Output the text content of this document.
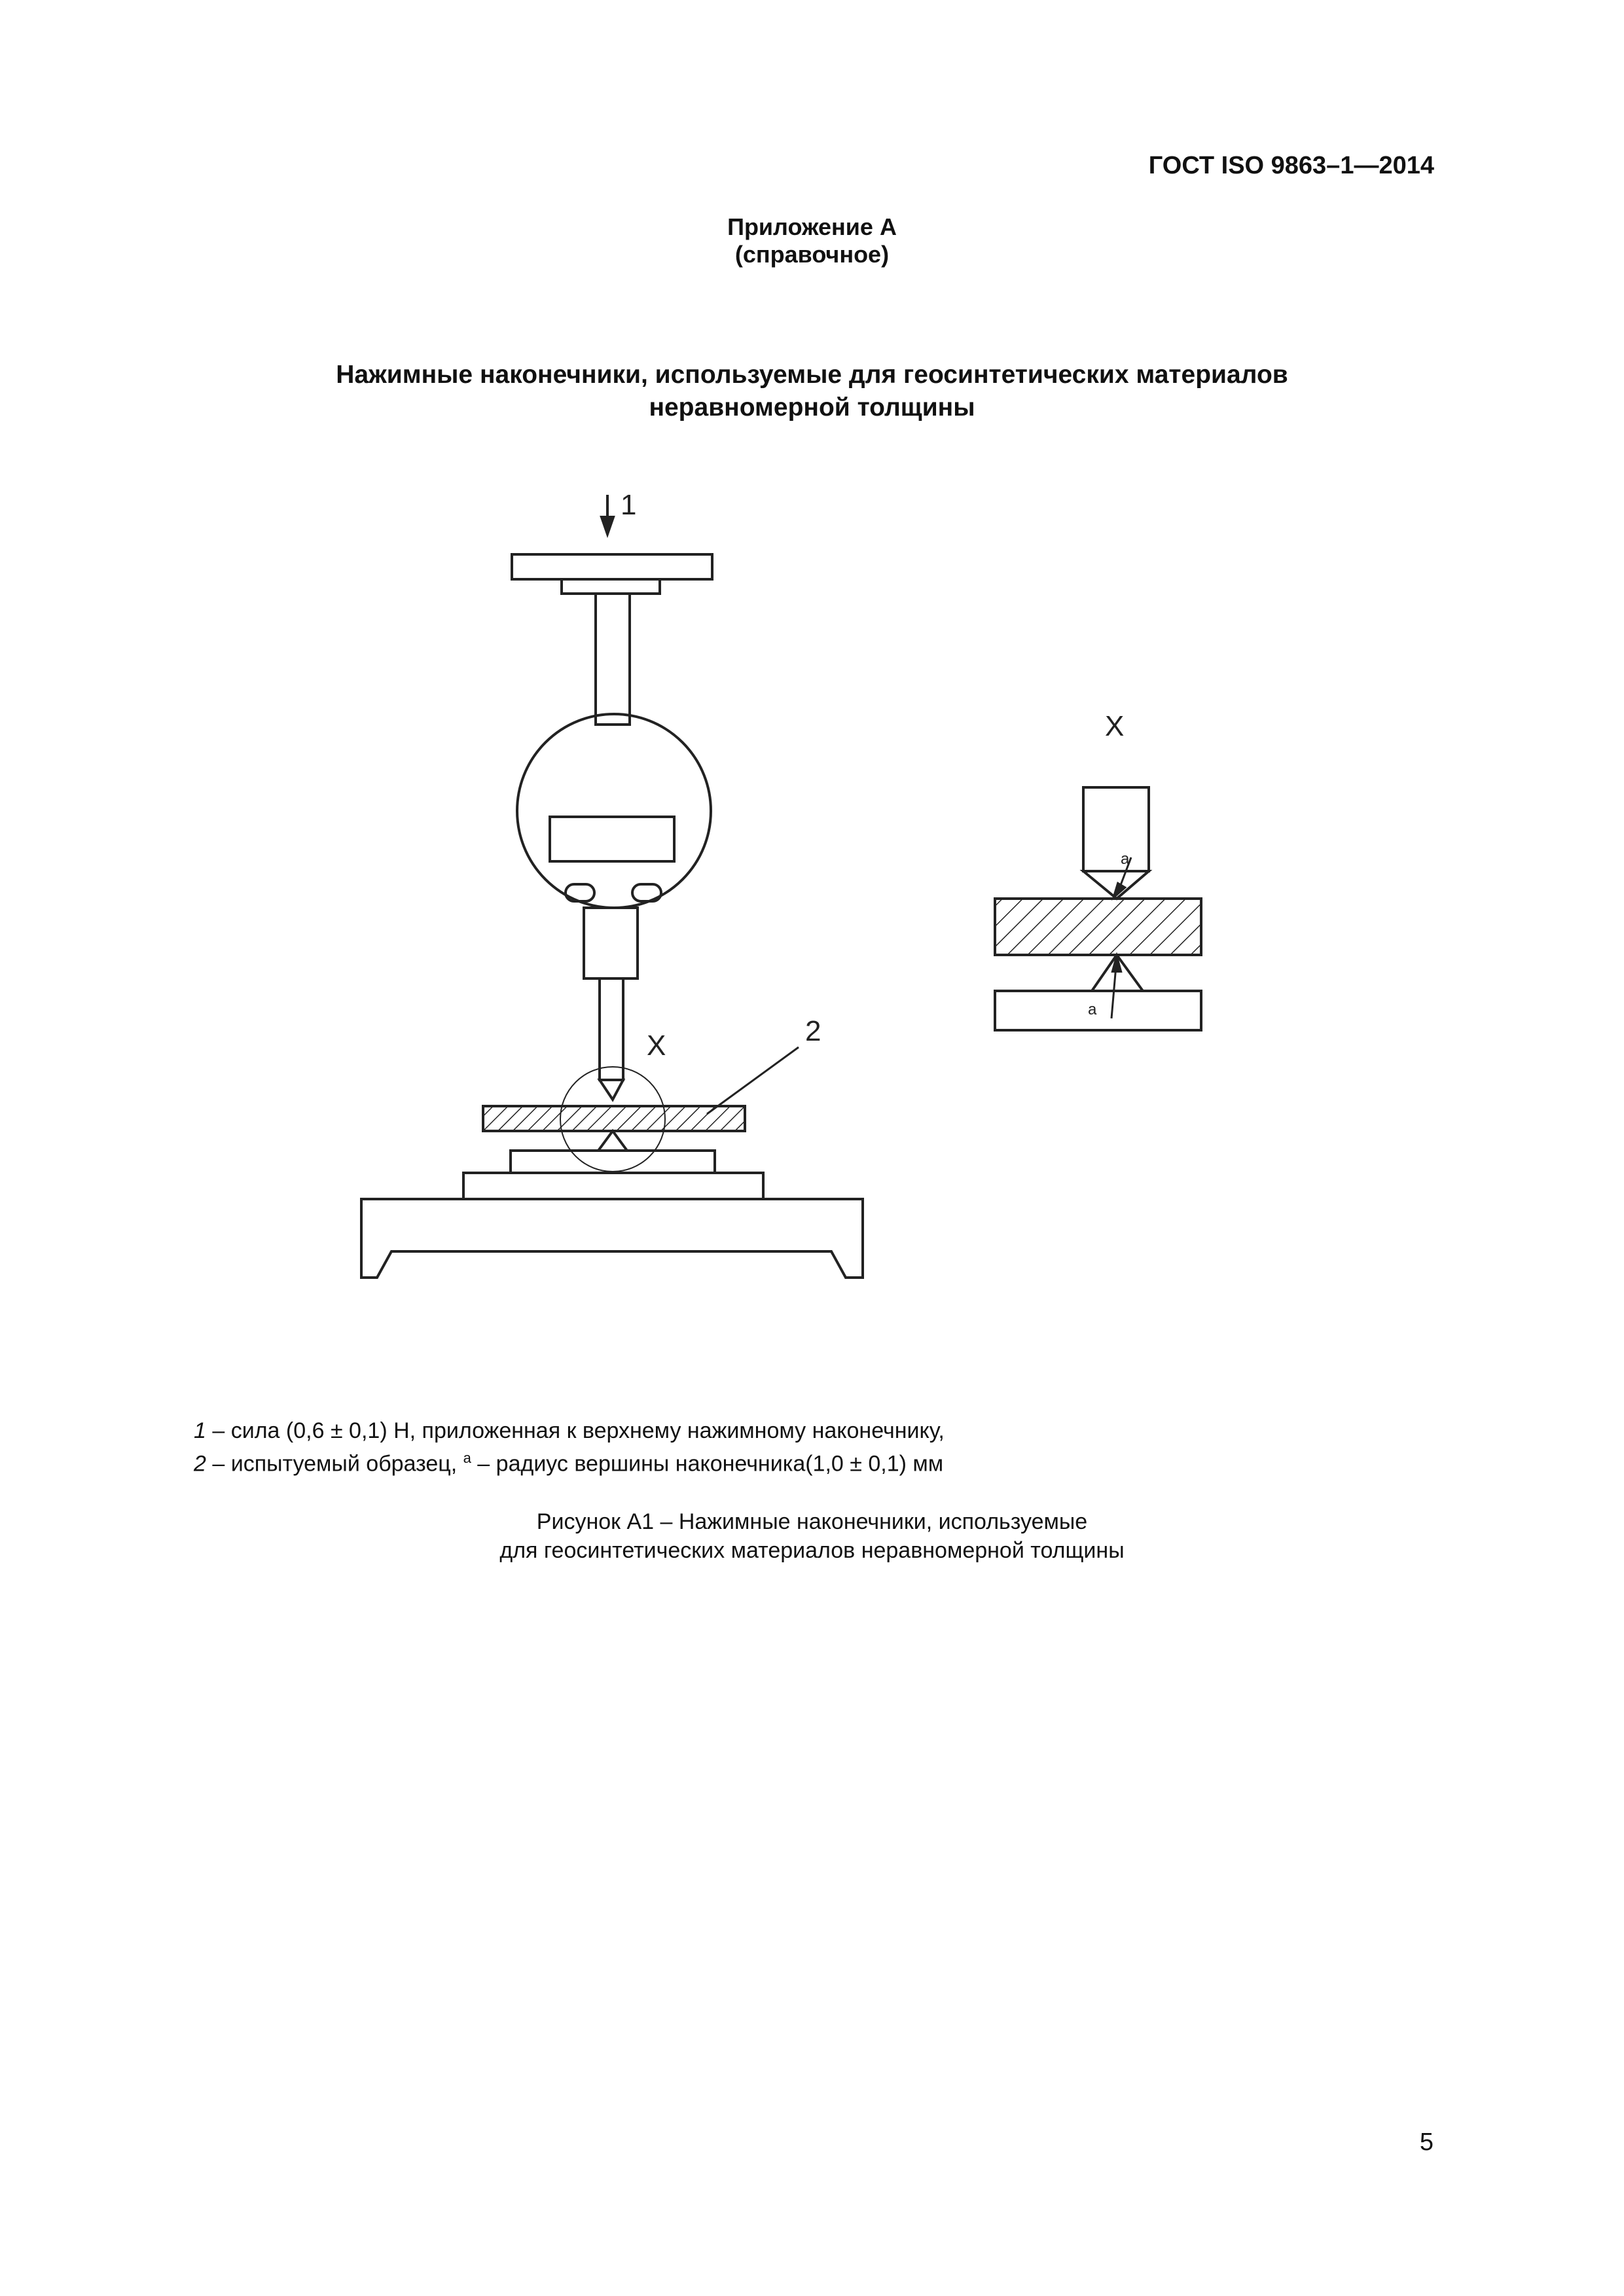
ГОСТ ISO 9863–1—2014
Приложение А
(справочное)
Нажимные наконечники, используемые для геосинтетических материалов
неравномерной толщины
1
2
X
X
a
a
1 – сила (0,6 ± 0,1) Н, приложенная к верхнему нажимному наконечнику,
2 – испытуемый образец, $^а$ – радиус вершины наконечника(1,0 ± 0,1) мм
Рисунок А1 – Нажимные наконечники, используемые
для геосинтетических материалов неравномерной толщины
5
